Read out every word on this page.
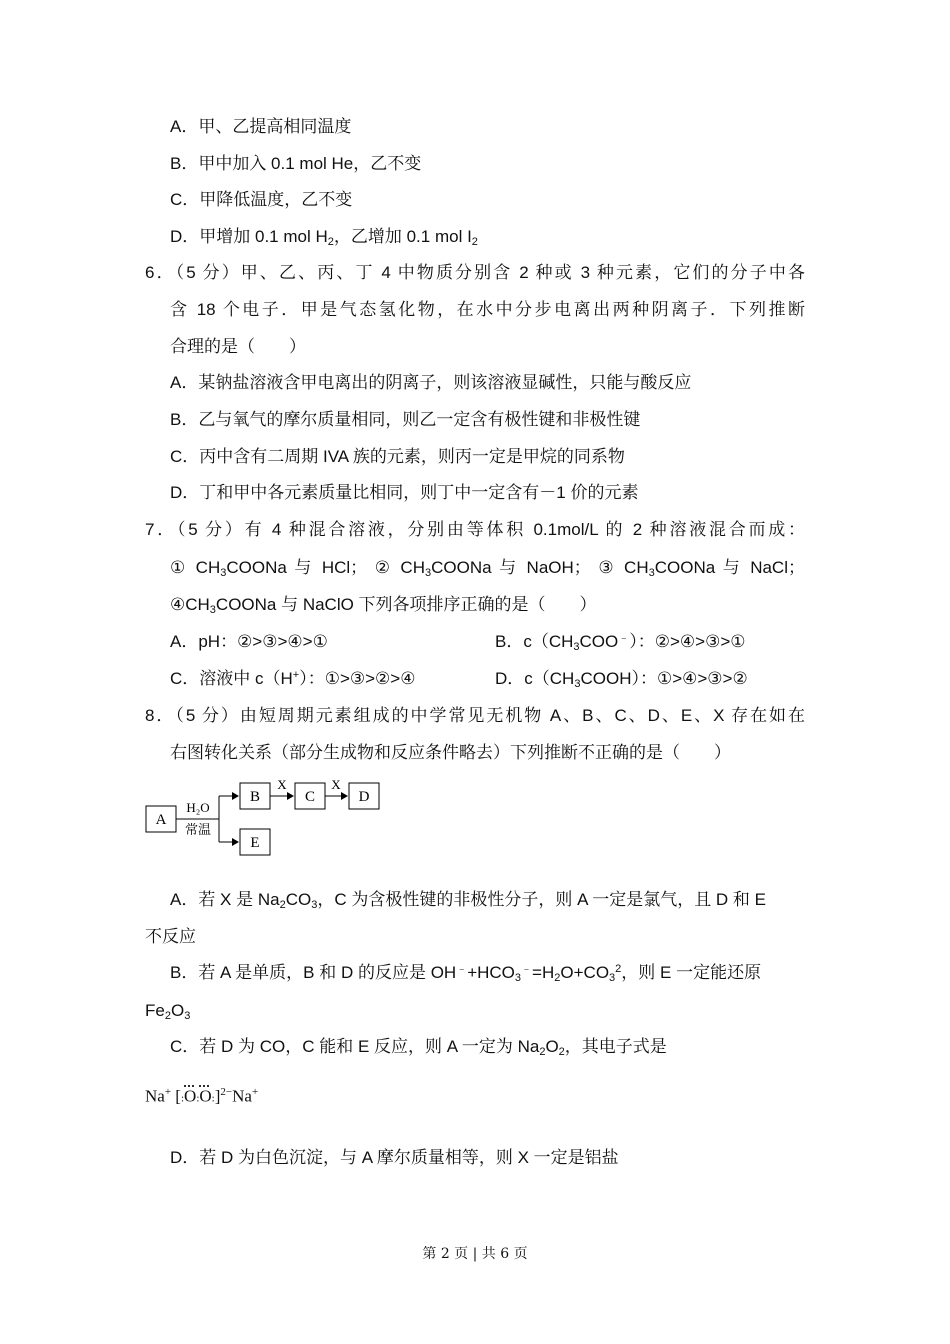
A．甲、乙提高相同温度
B．甲中加入 0.1 mol He，乙不变
C．甲降低温度，乙不变
D．甲增加 0.1 mol $H_2$，乙增加 0.1 mol $I_2$
6．（5 分）甲、乙、丙、丁 4 中物质分别含 2 种或 3 种元素，它们的分子中各
含 18 个电子．甲是气态氢化物，在水中分步电离出两种阴离子．下列推断
合理的是（　　）
A．某钠盐溶液含甲电离出的阴离子，则该溶液显碱性，只能与酸反应
B．乙与氧气的摩尔质量相同，则乙一定含有极性键和非极性键
C．丙中含有二周期 IVA 族的元素，则丙一定是甲烷的同系物
D．丁和甲中各元素质量比相同，则丁中一定含有－1 价的元素
7．（5 分）有 4 种混合溶液，分别由等体积 0.1mol/L 的 2 种溶液混合而成：
① $CH_3COONa$ 与 HCl； ② $CH_3COONa$ 与 NaOH； ③ $CH_3COONa$ 与 NaCl；
$④CH_3COONa$ 与 NaClO 下列各项排序正确的是（　　）
A．pH：②>③>④>①	B．$c(CH_3COO^﹣)$：②>④>③>①
C．溶液中 c（H+）：①>③>②>④	D．$c(CH_3COOH)$：①>④>③>②
8．（5 分）由短周期元素组成的中学常见无机物 A、B、C、D、E、X 存在如在
右图转化关系（部分生成物和反应条件略去）下列推断不正确的是（　　）
A．若 X 是 $Na_2CO_3$，C 为含极性键的非极性分子，则 A 一定是氯气，且 D 和 E
不反应
B．若 A 是单质，B 和 D 的反应是 $OH^﹣+HCO_3^﹣=H_2O+CO_3^2$，则 E 一定能还原
$Fe_2O_3$
C．若 D 为 CO，C 能和 E 反应，则 A 一定为 $Na_2O_2$，其电子式是
D．若 D 为白色沉淀，与 A 摩尔质量相等，则 X 一定是铝盐
A
H₂O
常温
B
E
X
C
X
D
Na+ [:O:O:]$^{2-}$Na+
第 2 页 | 共 6 页
